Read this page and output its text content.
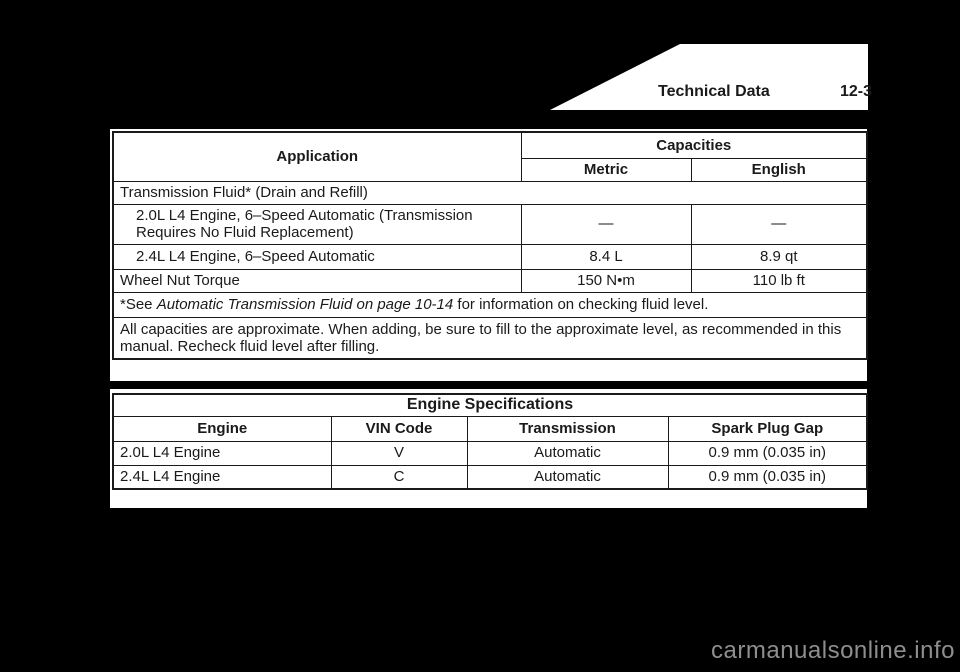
Technical Data	12-3
Application	Capacities	
	Metric	English
Transmission Fluid* (Drain and Refill)		

2.0L L4 Engine, 6–Speed Automatic (Transmission
Requires No Fluid Replacement)	—	—
2.4L L4 Engine, 6–Speed Automatic	8.4 L	8.9 qt
Wheel Nut Torque	150 N•m	110 lb ft
*See Automatic Transmission Fluid on page 10-14 for information on checking fluid level.		
All capacities are approximate. When adding, be sure to fill to the approximate level, as recommended in this manual. Recheck fluid level after filling.		
Engine Specifications			
Engine	VIN Code	Transmission	Spark Plug Gap
2.0L L4 Engine	V	Automatic	0.9 mm (0.035 in)
2.4L L4 Engine	C	Automatic	0.9 mm (0.035 in)
carmanualsonline.info
